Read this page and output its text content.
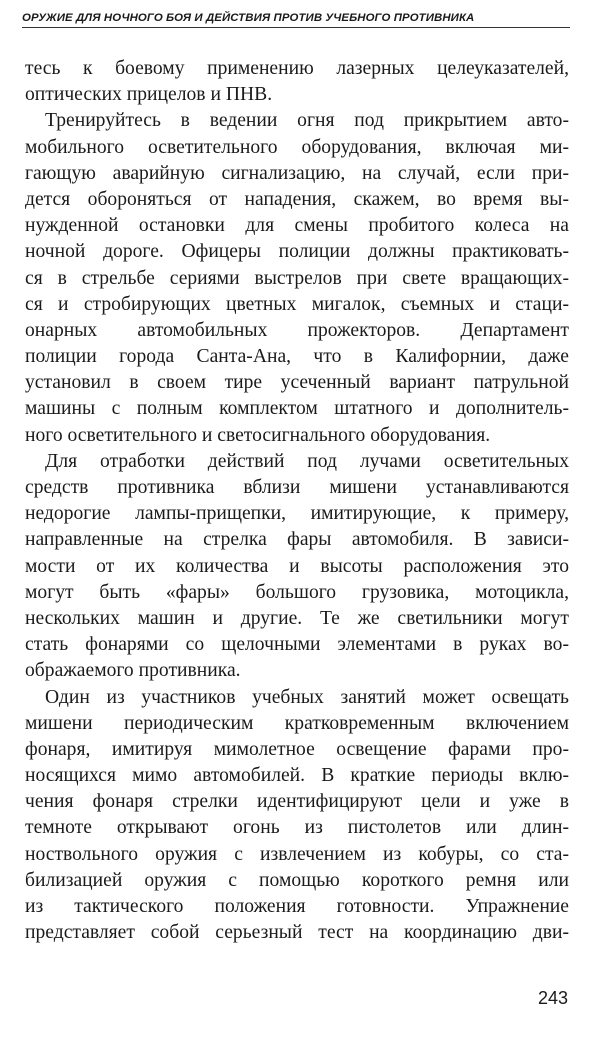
ОРУЖИЕ ДЛЯ НОЧНОГО БОЯ И ДЕЙСТВИЯ ПРОТИВ УЧЕБНОГО ПРОТИВНИКА
тесь к боевому применению лазерных целеуказателей,
оптических прицелов и ПНВ.
Тренируйтесь в ведении огня под прикрытием авто-
мобильного осветительного оборудования, включая ми-
гающую аварийную сигнализацию, на случай, если при-
дется обороняться от нападения, скажем, во время вы-
нужденной остановки для смены пробитого колеса на
ночной дороге. Офицеры полиции должны практиковать-
ся в стрельбе сериями выстрелов при свете вращающих-
ся и стробирующих цветных мигалок, съемных и стаци-
онарных автомобильных прожекторов. Департамент
полиции города Санта-Ана, что в Калифорнии, даже
установил в своем тире усеченный вариант патрульной
машины с полным комплектом штатного и дополнитель-
ного осветительного и светосигнального оборудования.
Для отработки действий под лучами осветительных
средств противника вблизи мишени устанавливаются
недорогие лампы-прищепки, имитирующие, к примеру,
направленные на стрелка фары автомобиля. В зависи-
мости от их количества и высоты расположения это
могут быть «фары» большого грузовика, мотоцикла,
нескольких машин и другие. Те же светильники могут
стать фонарями со щелочными элементами в руках во-
ображаемого противника.
Один из участников учебных занятий может освещать
мишени периодическим кратковременным включением
фонаря, имитируя мимолетное освещение фарами про-
носящихся мимо автомобилей. В краткие периоды вклю-
чения фонаря стрелки идентифицируют цели и уже в
темноте открывают огонь из пистолетов или длин-
ноствольного оружия с извлечением из кобуры, со ста-
билизацией оружия с помощью короткого ремня или
из тактического положения готовности. Упражнение
представляет собой серьезный тест на координацию дви-
243
